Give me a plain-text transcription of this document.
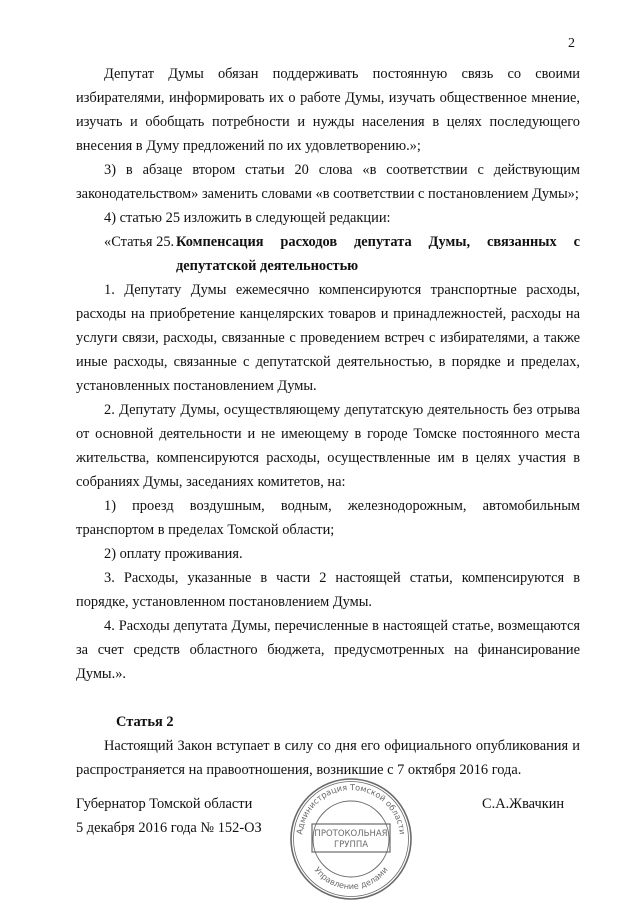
2

Депутат Думы обязан поддерживать постоянную связь со своими избирателями, информировать их о работе Думы, изучать общественное мнение, изучать и обобщать потребности и нужды населения в целях последующего внесения в Думу предложений по их удовлетворению.»;

3) в абзаце втором статьи 20 слова «в соответствии с действующим законодательством» заменить словами «в соответствии с постановлением Думы»;

4) статью 25 изложить в следующей редакции:

«Статья 25. Компенсация расходов депутата Думы, связанных с депутатской деятельностью

1. Депутату Думы ежемесячно компенсируются транспортные расходы, расходы на приобретение канцелярских товаров и принадлежностей, расходы на услуги связи, расходы, связанные с проведением встреч с избирателями, а также иные расходы, связанные с депутатской деятельностью, в порядке и пределах, установленных постановлением Думы.

2. Депутату Думы, осуществляющему депутатскую деятельность без отрыва от основной деятельности и не имеющему в городе Томске постоянного места жительства, компенсируются расходы, осуществленные им в целях участия в собраниях Думы, заседаниях комитетов, на:

1) проезд воздушным, водным, железнодорожным, автомобильным транспортом в пределах Томской области;

2) оплату проживания.

3. Расходы, указанные в части 2 настоящей статьи, компенсируются в порядке, установленном постановлением Думы.

4. Расходы депутата Думы, перечисленные в настоящей статье, возмещаются за счет средств областного бюджета, предусмотренных на финансирование Думы.».

Статья 2

Настоящий Закон вступает в силу со дня его официального опубликования и распространяется на правоотношения, возникшие с 7 октября 2016 года.

Губернатор Томской области
5 декабря 2016 года № 152-ОЗ
С.А.Жвачкин
Администрация Томской области
Управление делами
ПРОТОКОЛЬНАЯ
ГРУППА
